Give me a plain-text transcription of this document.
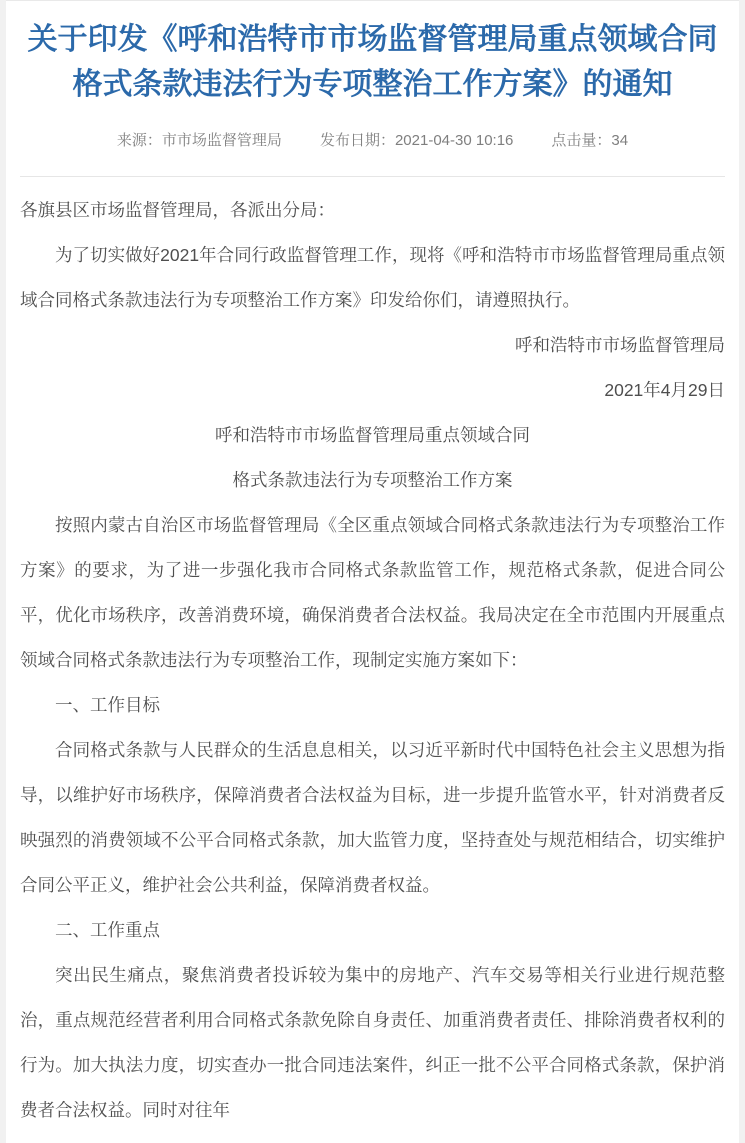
关于印发《呼和浩特市市场监督管理局重点领域合同格式条款违法行为专项整治工作方案》的通知
来源：市市场监督管理局	发布日期：2021-04-30 10:16	点击量：34

各旗县区市场监督管理局，各派出分局：

为了切实做好2021年合同行政监督管理工作，现将《呼和浩特市市场监督管理局重点领域合同格式条款违法行为专项整治工作方案》印发给你们，请遵照执行。

呼和浩特市市场监督管理局

2021年4月29日

呼和浩特市市场监督管理局重点领域合同

格式条款违法行为专项整治工作方案

按照内蒙古自治区市场监督管理局《全区重点领域合同格式条款违法行为专项整治工作方案》的要求，为了进一步强化我市合同格式条款监管工作，规范格式条款，促进合同公平，优化市场秩序，改善消费环境，确保消费者合法权益。我局决定在全市范围内开展重点领域合同格式条款违法行为专项整治工作，现制定实施方案如下：

一、工作目标

合同格式条款与人民群众的生活息息相关，以习近平新时代中国特色社会主义思想为指导，以维护好市场秩序，保障消费者合法权益为目标，进一步提升监管水平，针对消费者反映强烈的消费领域不公平合同格式条款，加大监管力度，坚持查处与规范相结合，切实维护合同公平正义，维护社会公共利益，保障消费者权益。

二、工作重点

突出民生痛点，聚焦消费者投诉较为集中的房地产、汽车交易等相关行业进行规范整治，重点规范经营者利用合同格式条款免除自身责任、加重消费者责任、排除消费者权利的行为。加大执法力度，切实查办一批合同违法案件，纠正一批不公平合同格式条款，保护消费者合法权益。同时对往年
